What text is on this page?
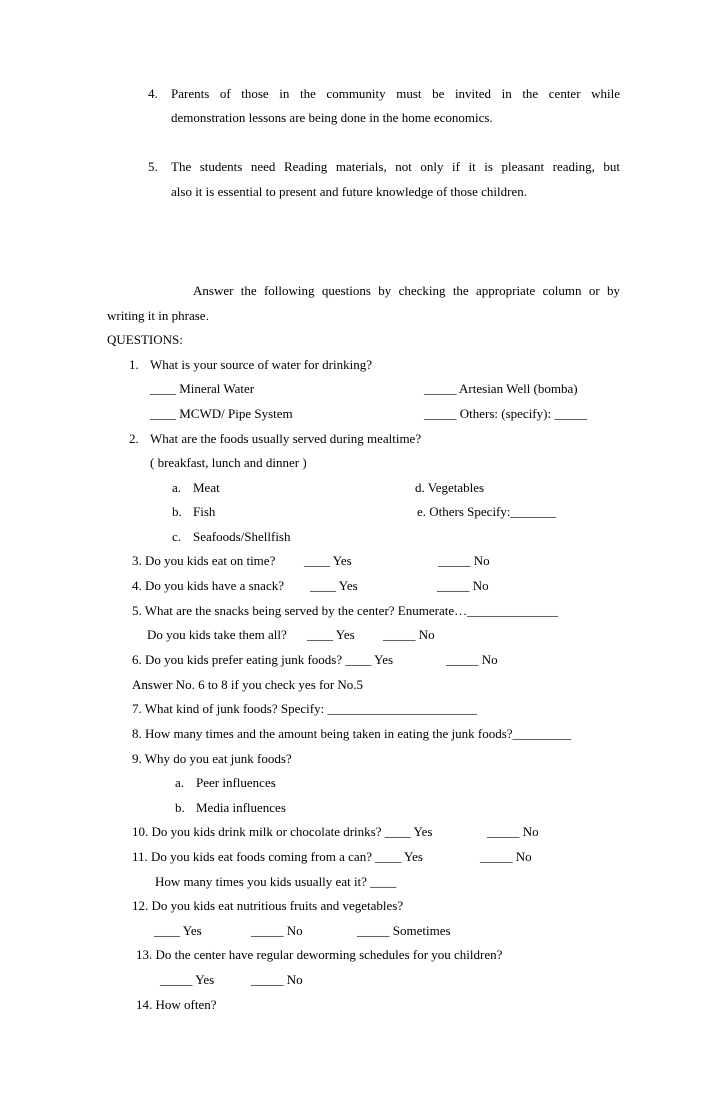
4. Parents of those in the community must be invited in the center while
demonstration lessons are being done in the home economics.
5. The students need Reading materials, not only if it is pleasant reading, but
also it is essential to present and future knowledge of those children.
Answer the following questions by checking the appropriate column or by
writing it in phrase.
QUESTIONS:
1. What is your source of water for drinking?
____ Mineral Water	_____ Artesian Well (bomba)
____ MCWD/ Pipe System	_____ Others: (specify): _____
2. What are the foods usually served during mealtime?
( breakfast, lunch and dinner )
a. Meat	d. Vegetables
b. Fish	e. Others Specify:_______
c. Seafoods/Shellfish
3. Do you kids eat on time? ____ Yes	_____ No
4. Do you kids have a snack? ____ Yes	_____ No
5. What are the snacks being served by the center? Enumerate…______________
Do you kids take them all? ____ Yes _____ No
6. Do you kids prefer eating junk foods? ____ Yes	_____ No
Answer No. 6 to 8 if you check yes for No.5
7. What kind of junk foods? Specify: _______________________
8. How many times and the amount being taken in eating the junk foods?_________
9. Why do you eat junk foods?
a. Peer influences
b. Media influences
10. Do you kids drink milk or chocolate drinks? ____ Yes	_____ No
11. Do you kids eat foods coming from a can? ____ Yes	_____ No
How many times you kids usually eat it? ____
12. Do you kids eat nutritious fruits and vegetables?
____ Yes	_____ No	_____ Sometimes
13. Do the center have regular deworming schedules for you children?
_____ Yes	_____ No
14. How often?
